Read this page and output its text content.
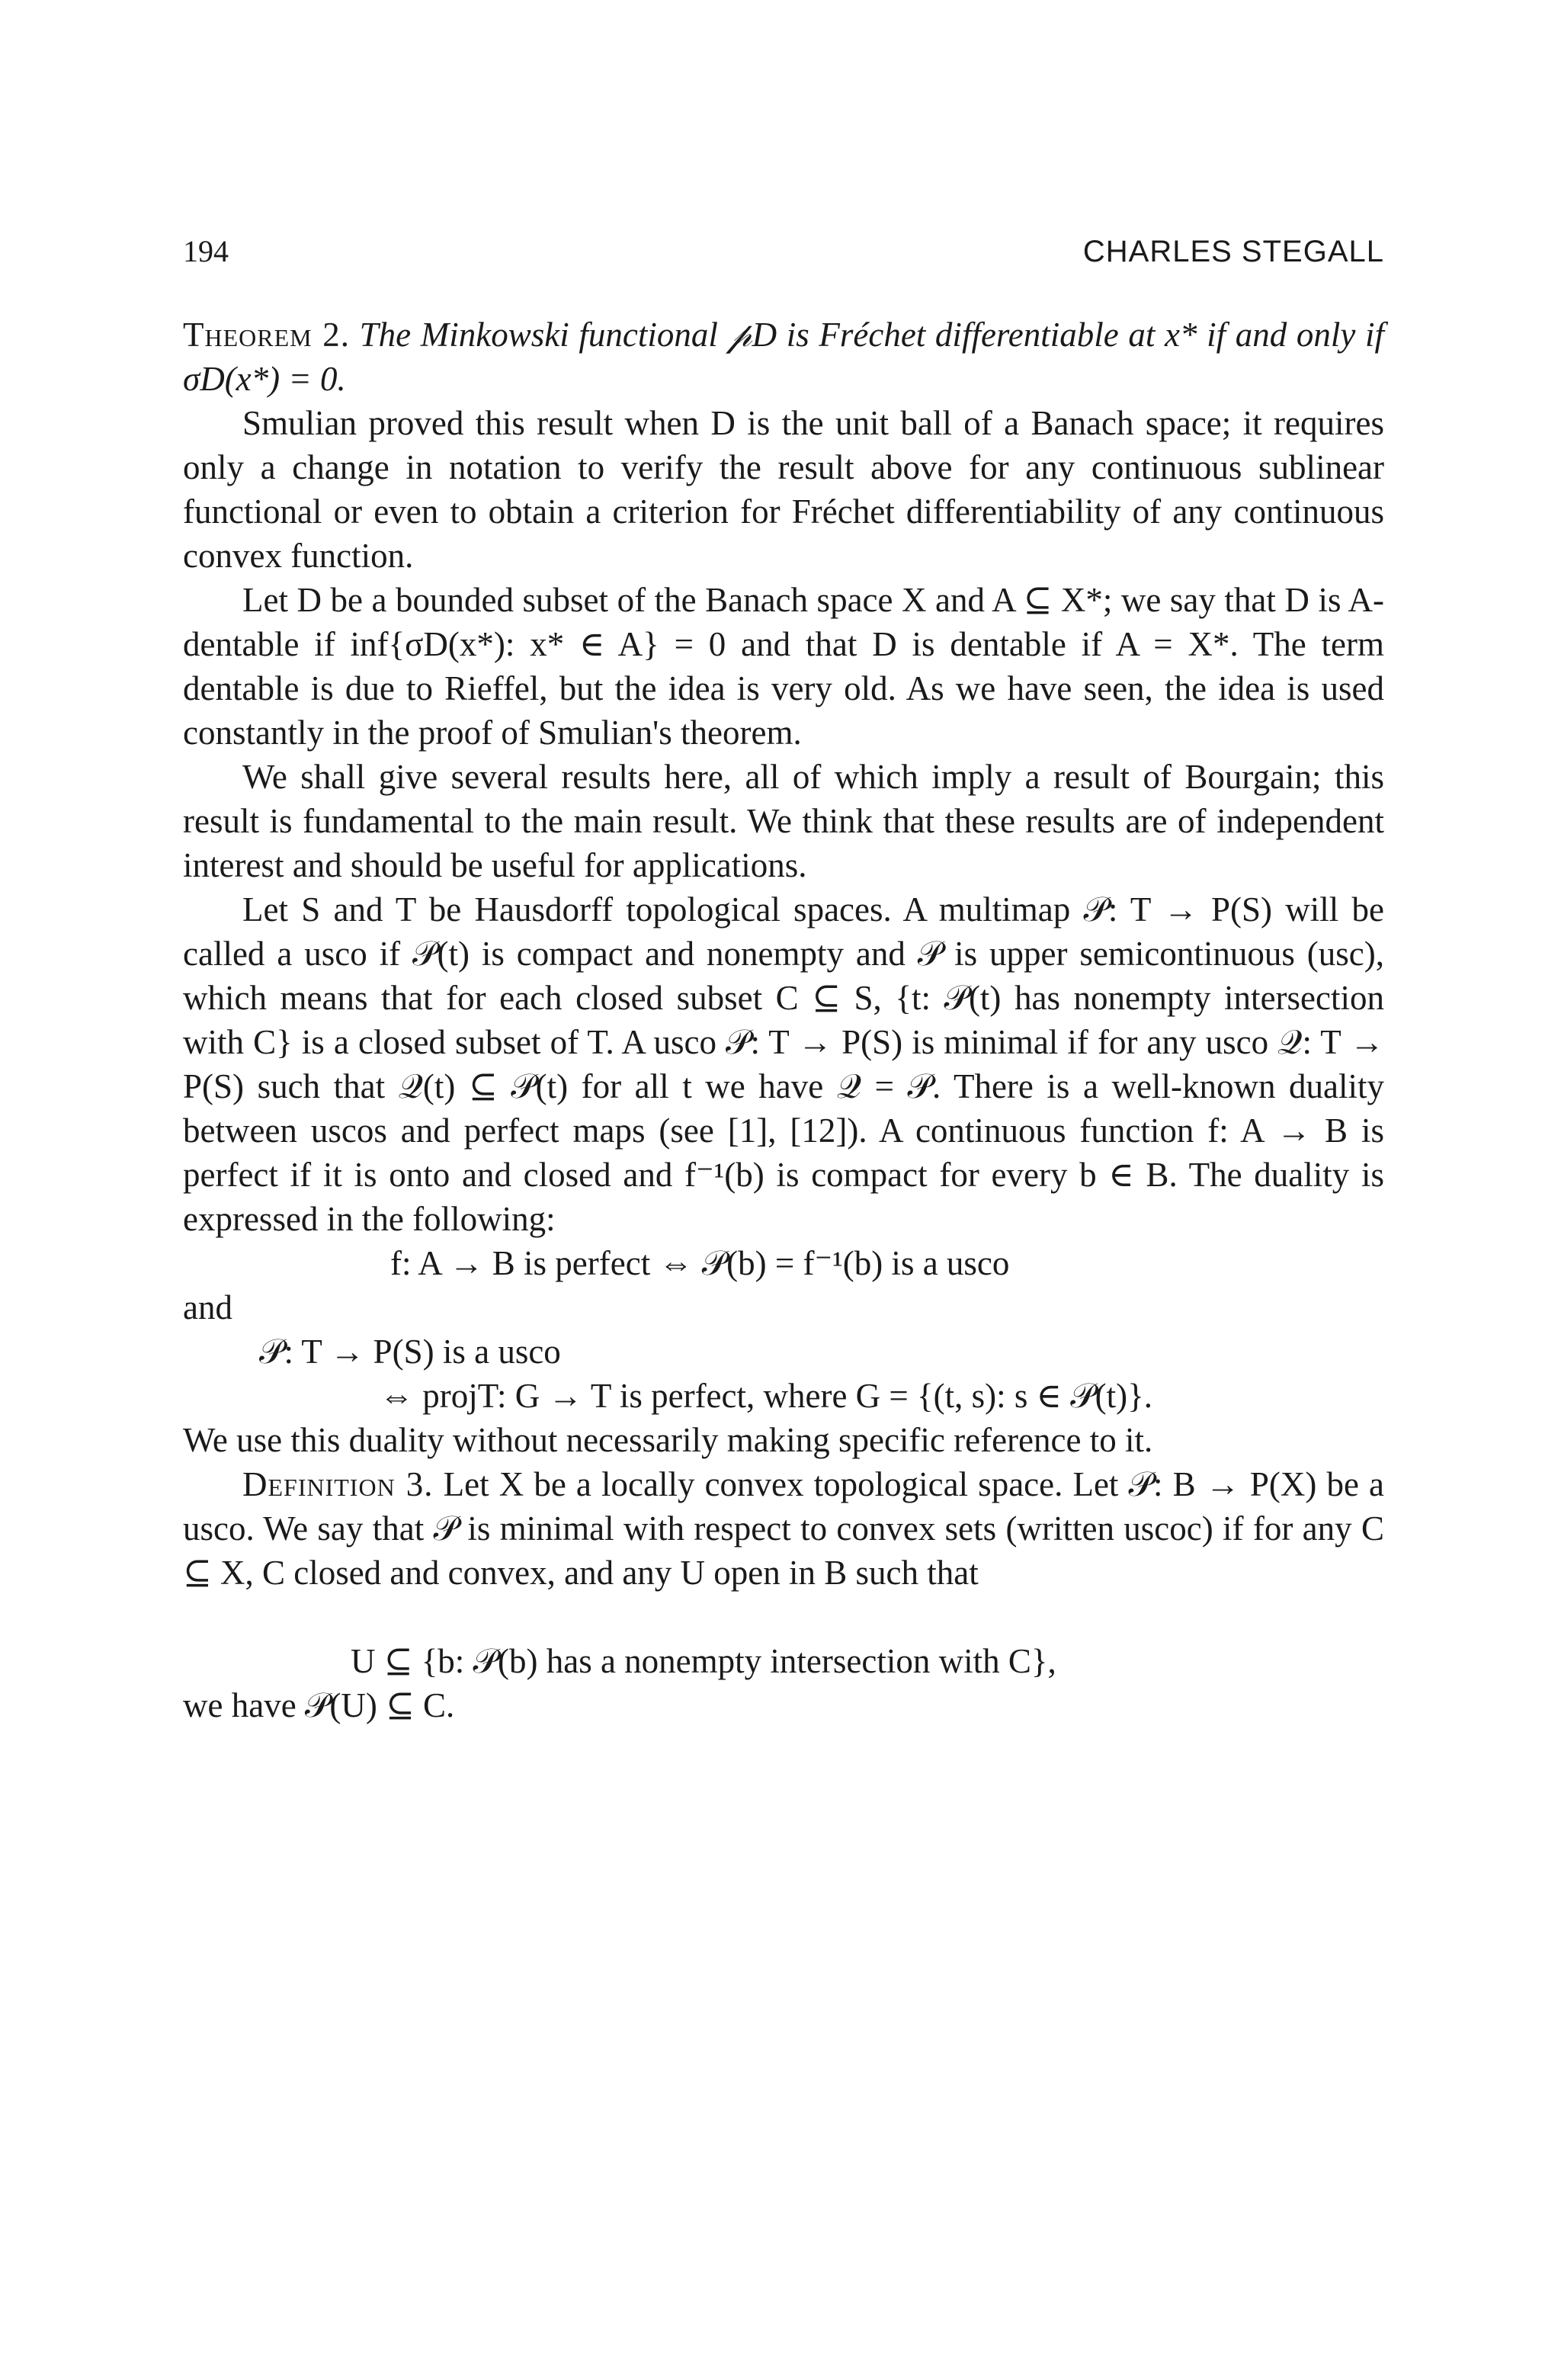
194	CHARLES STEGALL

Theorem 2. The Minkowski functional 𝓅D is Fréchet differentiable at x* if and only if σD(x*) = 0.

Smulian proved this result when D is the unit ball of a Banach space; it requires only a change in notation to verify the result above for any continuous sublinear functional or even to obtain a criterion for Fréchet differentiability of any continuous convex function.

Let D be a bounded subset of the Banach space X and A ⊆ X*; we say that D is A-dentable if inf{σD(x*): x* ∈ A} = 0 and that D is dentable if A = X*. The term dentable is due to Rieffel, but the idea is very old. As we have seen, the idea is used constantly in the proof of Smulian's theorem.

We shall give several results here, all of which imply a result of Bourgain; this result is fundamental to the main result. We think that these results are of independent interest and should be useful for applications.

Let S and T be Hausdorff topological spaces. A multimap 𝒫: T → P(S) will be called a usco if 𝒫(t) is compact and nonempty and 𝒫 is upper semicontinuous (usc), which means that for each closed subset C ⊆ S, {t: 𝒫(t) has nonempty intersection with C} is a closed subset of T. A usco 𝒫: T → P(S) is minimal if for any usco 𝒬: T → P(S) such that 𝒬(t) ⊆ 𝒫(t) for all t we have 𝒬 = 𝒫. There is a well-known duality between uscos and perfect maps (see [1], [12]). A continuous function f: A → B is perfect if it is onto and closed and f⁻¹(b) is compact for every b ∈ B. The duality is expressed in the following:

f: A → B is perfect ⇔ 𝒫(b) = f⁻¹(b) is a usco

and

𝒫: T → P(S) is a usco

⇔ projT: G → T is perfect, where G = {(t, s): s ∈ 𝒫(t)}.

We use this duality without necessarily making specific reference to it.

Definition 3. Let X be a locally convex topological space. Let 𝒫: B → P(X) be a usco. We say that 𝒫 is minimal with respect to convex sets (written uscoc) if for any C ⊆ X, C closed and convex, and any U open in B such that

U ⊆ {b: 𝒫(b) has a nonempty intersection with C},

we have 𝒫(U) ⊆ C.
